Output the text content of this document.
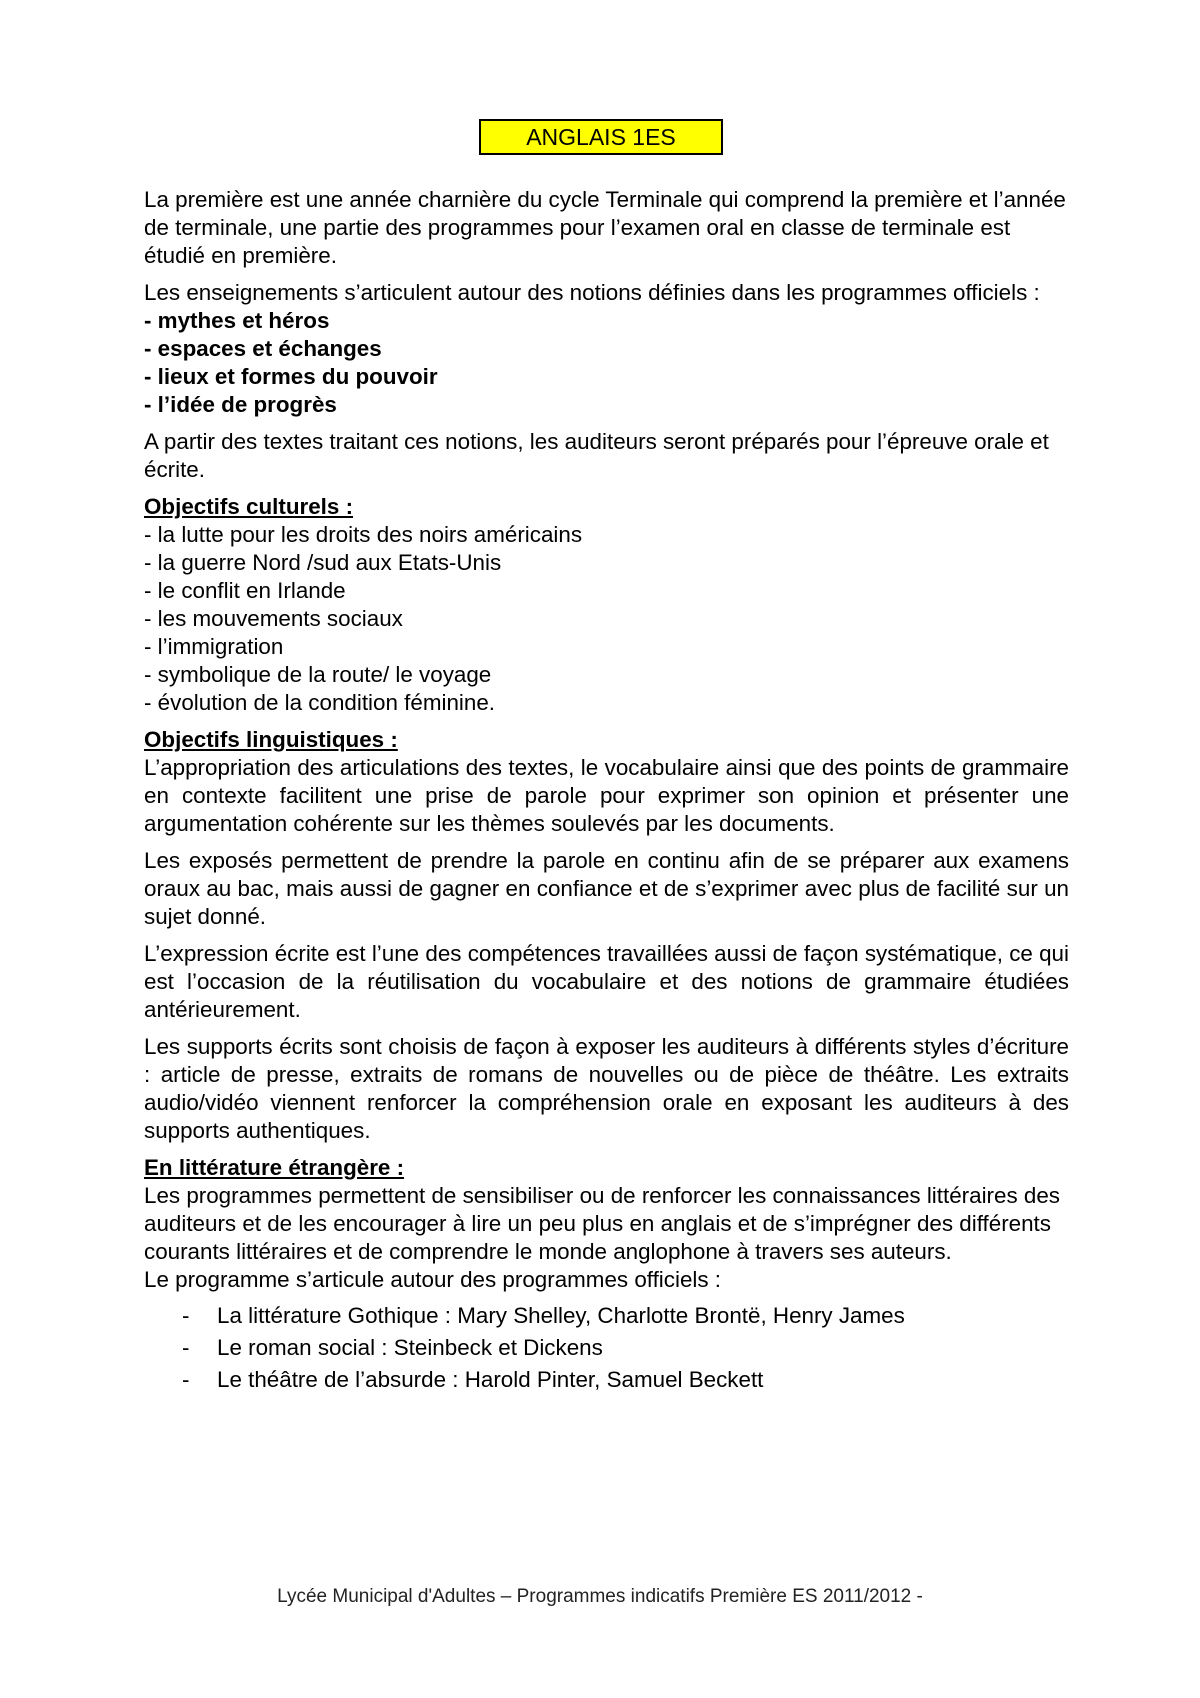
ANGLAIS 1ES

La première est une année charnière du cycle Terminale qui comprend la première et l’année de terminale, une partie des programmes pour l’examen oral en classe de terminale est étudié en première.

Les enseignements s’articulent autour des notions définies dans les programmes officiels :

- mythes et héros
- espaces et échanges
- lieux et formes du pouvoir
- l’idée de progrès

A partir des textes traitant ces notions, les auditeurs seront préparés pour l’épreuve orale et écrite.

Objectifs culturels :
- la lutte pour les droits des noirs américains
- la guerre Nord /sud aux Etats-Unis
- le conflit en Irlande
- les mouvements sociaux
- l’immigration
- symbolique de la route/ le voyage
- évolution de la condition féminine.
Objectifs linguistiques :

L’appropriation des articulations des textes, le vocabulaire ainsi que des points de grammaire en contexte facilitent une prise de parole pour exprimer son opinion et présenter une argumentation cohérente sur les thèmes soulevés par les documents.

Les exposés permettent de prendre la parole en continu afin de se préparer aux examens oraux au bac, mais aussi de gagner en confiance et de s’exprimer avec plus de facilité sur un sujet donné.

L’expression écrite est l’une des compétences travaillées aussi de façon systématique, ce qui est l’occasion de la réutilisation du vocabulaire et des notions de grammaire étudiées antérieurement.

Les supports écrits sont choisis de façon à exposer les auditeurs à différents styles d’écriture : article de presse, extraits de romans de nouvelles ou de pièce de théâtre. Les extraits audio/vidéo viennent renforcer la compréhension orale en exposant les auditeurs à des supports authentiques.

En littérature étrangère :

Les programmes permettent de sensibiliser ou de renforcer les connaissances littéraires des auditeurs et de les encourager à lire un peu plus en anglais et de s’imprégner des différents courants littéraires et de comprendre le monde anglophone à travers ses auteurs.

Le programme s’articule autour des programmes officiels :

- La littérature Gothique : Mary Shelley, Charlotte Brontë, Henry James
- Le roman social : Steinbeck et Dickens
- Le théâtre de l’absurde : Harold Pinter, Samuel Beckett
Lycée Municipal d'Adultes – Programmes indicatifs Première ES 2011/2012 -
